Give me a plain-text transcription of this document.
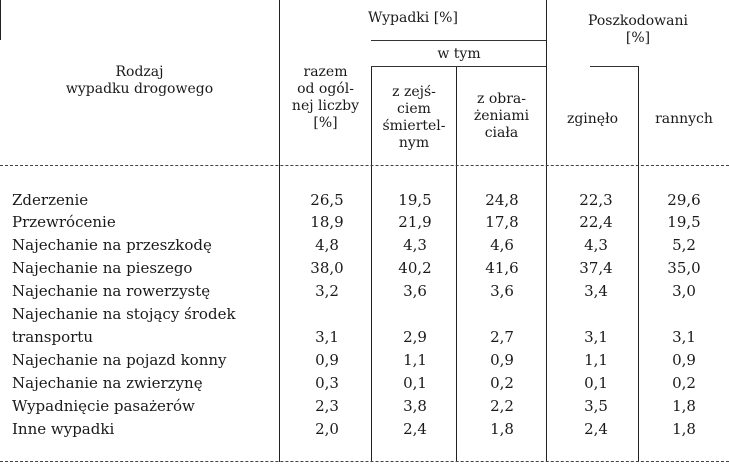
Rodzaj
wypadku drogowego
Wypadki [%]
w tym
Poszkodowani
[%]
razem
od ogól-
nej liczby
[%]
z zejś-
ciem
śmiertel-
nym
z obra-
żeniami
ciała
zginęło	rannych
Zderzenie	26,5	19,5	24,8	22,3	29,6
Przewrócenie	18,9	21,9	17,8	22,4	19,5
Najechanie na przeszkodę	4,8	4,3	4,6	4,3	5,2
Najechanie na pieszego	38,0	40,2	41,6	37,4	35,0
Najechanie na rowerzystę	3,2	3,6	3,6	3,4	3,0
Najechanie na stojący środek
transportu	3,1	2,9	2,7	3,1	3,1
Najechanie na pojazd konny	0,9	1,1	0,9	1,1	0,9
Najechanie na zwierzynę	0,3	0,1	0,2	0,1	0,2
Wypadnięcie pasażerów	2,3	3,8	2,2	3,5	1,8
Inne wypadki	2,0	2,4	1,8	2,4	1,8
